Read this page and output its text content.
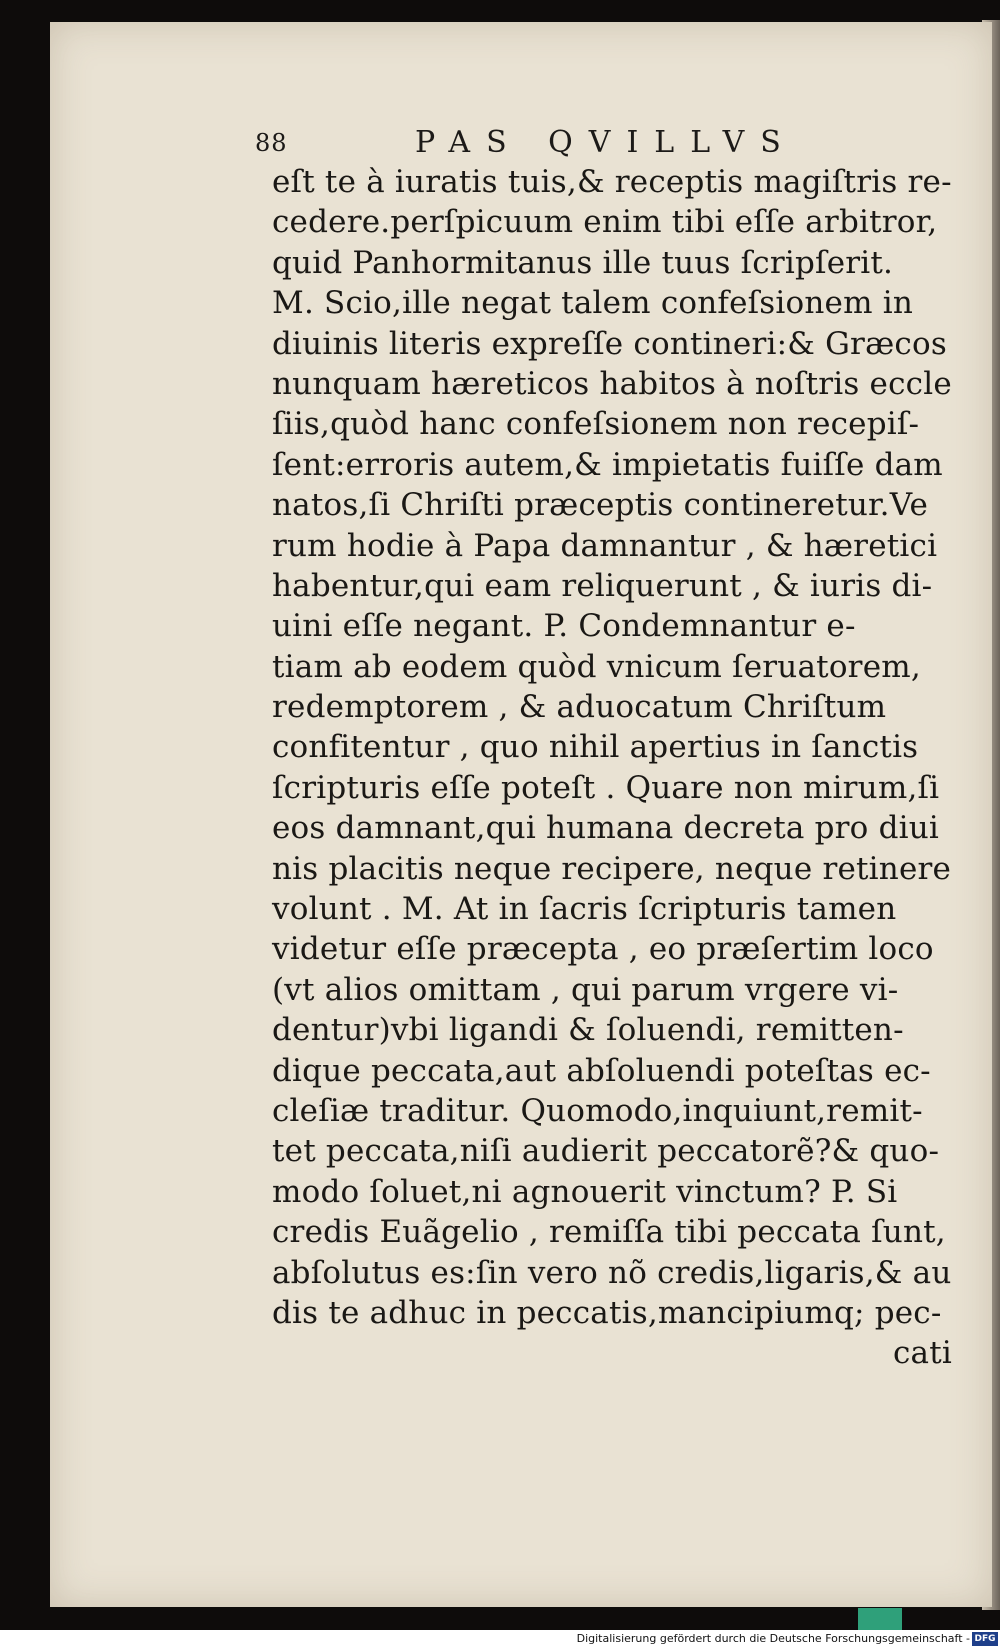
88	PAS QVILLVS
eſt te à iuratis tuis,& receptis magiſtris re-
cedere.perſpicuum enim tibi eſſe arbitror,
quid Panhormitanus ille tuus ſcripſerit.
M. Scio,ille negat talem confeſsionem in
diuinis literis expreſſe contineri:& Græcos
nunquam hæreticos habitos à noſtris eccle
ſiis,quòd hanc confeſsionem non recepiſ-
ſent:erroris autem,& impietatis fuiſſe dam
natos,ſi Chriſti præceptis contineretur.Ve
rum hodie à Papa damnantur , & hæretici
habentur,qui eam reliquerunt , & iuris di-
uini eſſe negant. P. Condemnantur e-
tiam ab eodem quòd vnicum ſeruatorem,
redemptorem , & aduocatum Chriſtum
confitentur , quo nihil apertius in ſanctis
ſcripturis eſſe poteſt . Quare non mirum,ſi
eos damnant,qui humana decreta pro diui
nis placitis neque recipere, neque retinere
volunt . M. At in ſacris ſcripturis tamen
videtur eſſe præcepta , eo præſertim loco
(vt alios omittam , qui parum vrgere vi-
dentur)vbi ligandi & ſoluendi, remitten-
dique peccata,aut abſoluendi poteſtas ec-
cleſiæ traditur. Quomodo,inquiunt,remit-
tet peccata,niſi audierit peccatorẽ?& quo-
modo ſoluet,ni agnouerit vinctum? P. Si
credis Euãgelio , remiſſa tibi peccata ſunt,
abſolutus es:ſin vero nõ credis,ligaris,& au
dis te adhuc in peccatis,mancipiumq; pec-
cati
Digitalisierung gefördert durch die Deutsche Forschungsgemeinschaft - DFG
